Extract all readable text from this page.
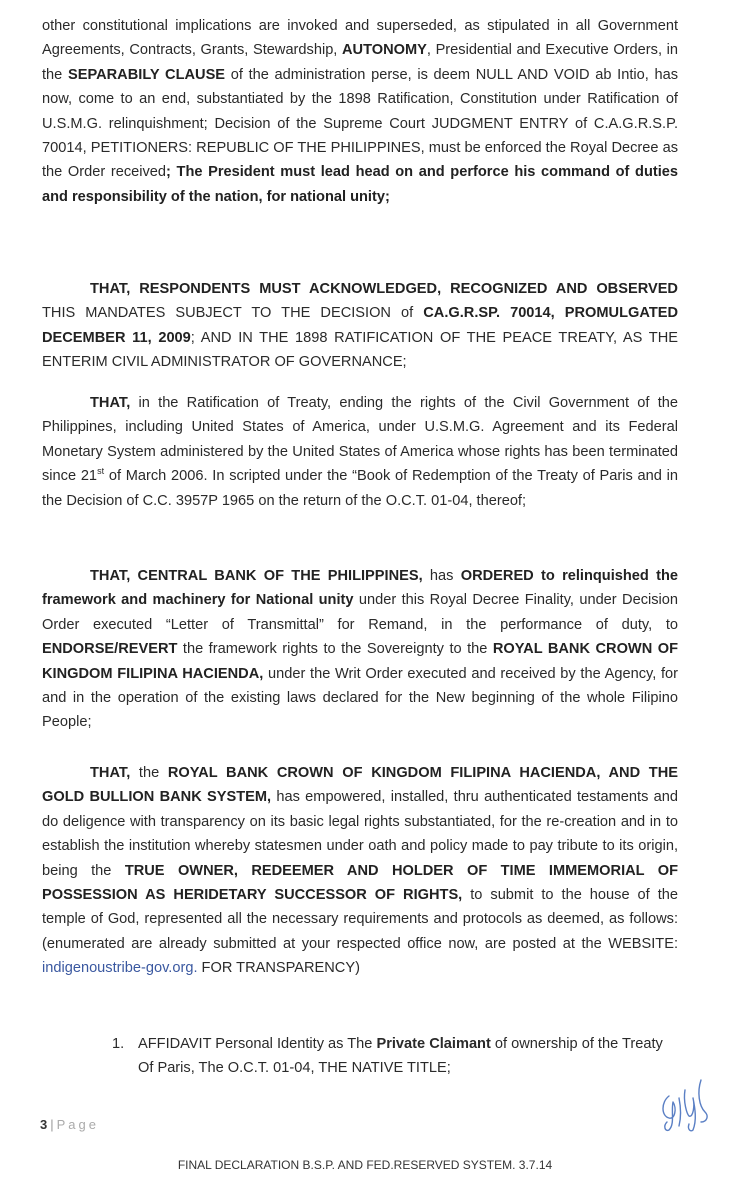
other constitutional implications are invoked and superseded, as stipulated in all Government Agreements, Contracts, Grants, Stewardship, AUTONOMY, Presidential and Executive Orders, in the SEPARABILY CLAUSE of the administration perse, is deem NULL AND VOID ab Intio, has now, come to an end, substantiated by the 1898 Ratification, Constitution under Ratification of U.S.M.G. relinquishment; Decision of the Supreme Court JUDGMENT ENTRY of C.A.G.R.S.P. 70014, PETITIONERS: REPUBLIC OF THE PHILIPPINES, must be enforced the Royal Decree as the Order received; The President must lead head on and perforce his command of duties and responsibility of the nation, for national unity;

THAT, RESPONDENTS MUST ACKNOWLEDGED, RECOGNIZED AND OBSERVED THIS MANDATES SUBJECT TO THE DECISION of CA.G.R.SP. 70014, PROMULGATED DECEMBER 11, 2009; AND IN THE 1898 RATIFICATION OF THE PEACE TREATY, AS THE ENTERIM CIVIL ADMINISTRATOR OF GOVERNANCE;

THAT, in the Ratification of Treaty, ending the rights of the Civil Government of the Philippines, including United States of America, under U.S.M.G. Agreement and its Federal Monetary System administered by the United States of America whose rights has been terminated since 21st of March 2006. In scripted under the “Book of Redemption of the Treaty of Paris and in the Decision of C.C. 3957P 1965 on the return of the O.C.T. 01-04, thereof;

THAT, CENTRAL BANK OF THE PHILIPPINES, has ORDERED to relinquished the framework and machinery for National unity under this Royal Decree Finality, under Decision Order executed “Letter of Transmittal” for Remand, in the performance of duty, to ENDORSE/REVERT the framework rights to the Sovereignty to the ROYAL BANK CROWN OF KINGDOM FILIPINA HACIENDA, under the Writ Order executed and received by the Agency, for and in the operation of the existing laws declared for the New beginning of the whole Filipino People;

THAT, the ROYAL BANK CROWN OF KINGDOM FILIPINA HACIENDA, AND THE GOLD BULLION BANK SYSTEM, has empowered, installed, thru authenticated testaments and do deligence with transparency on its basic legal rights substantiated, for the re-creation and in to establish the institution whereby statesmen under oath and policy made to pay tribute to its origin, being the TRUE OWNER, REDEEMER AND HOLDER OF TIME IMMEMORIAL OF POSSESSION AS HERIDETARY SUCCESSOR OF RIGHTS, to submit to the house of the temple of God, represented all the necessary requirements and protocols as deemed, as follows: (enumerated are already submitted at your respected office now, are posted at the WEBSITE: indigenoustribe-gov.org. FOR TRANSPARENCY)

1. AFFIDAVIT Personal Identity as The Private Claimant of ownership of the Treaty Of Paris, The O.C.T. 01-04, THE NATIVE TITLE;
3 | Page
FINAL DECLARATION B.S.P. AND FED.RESERVED SYSTEM. 3.7.14
